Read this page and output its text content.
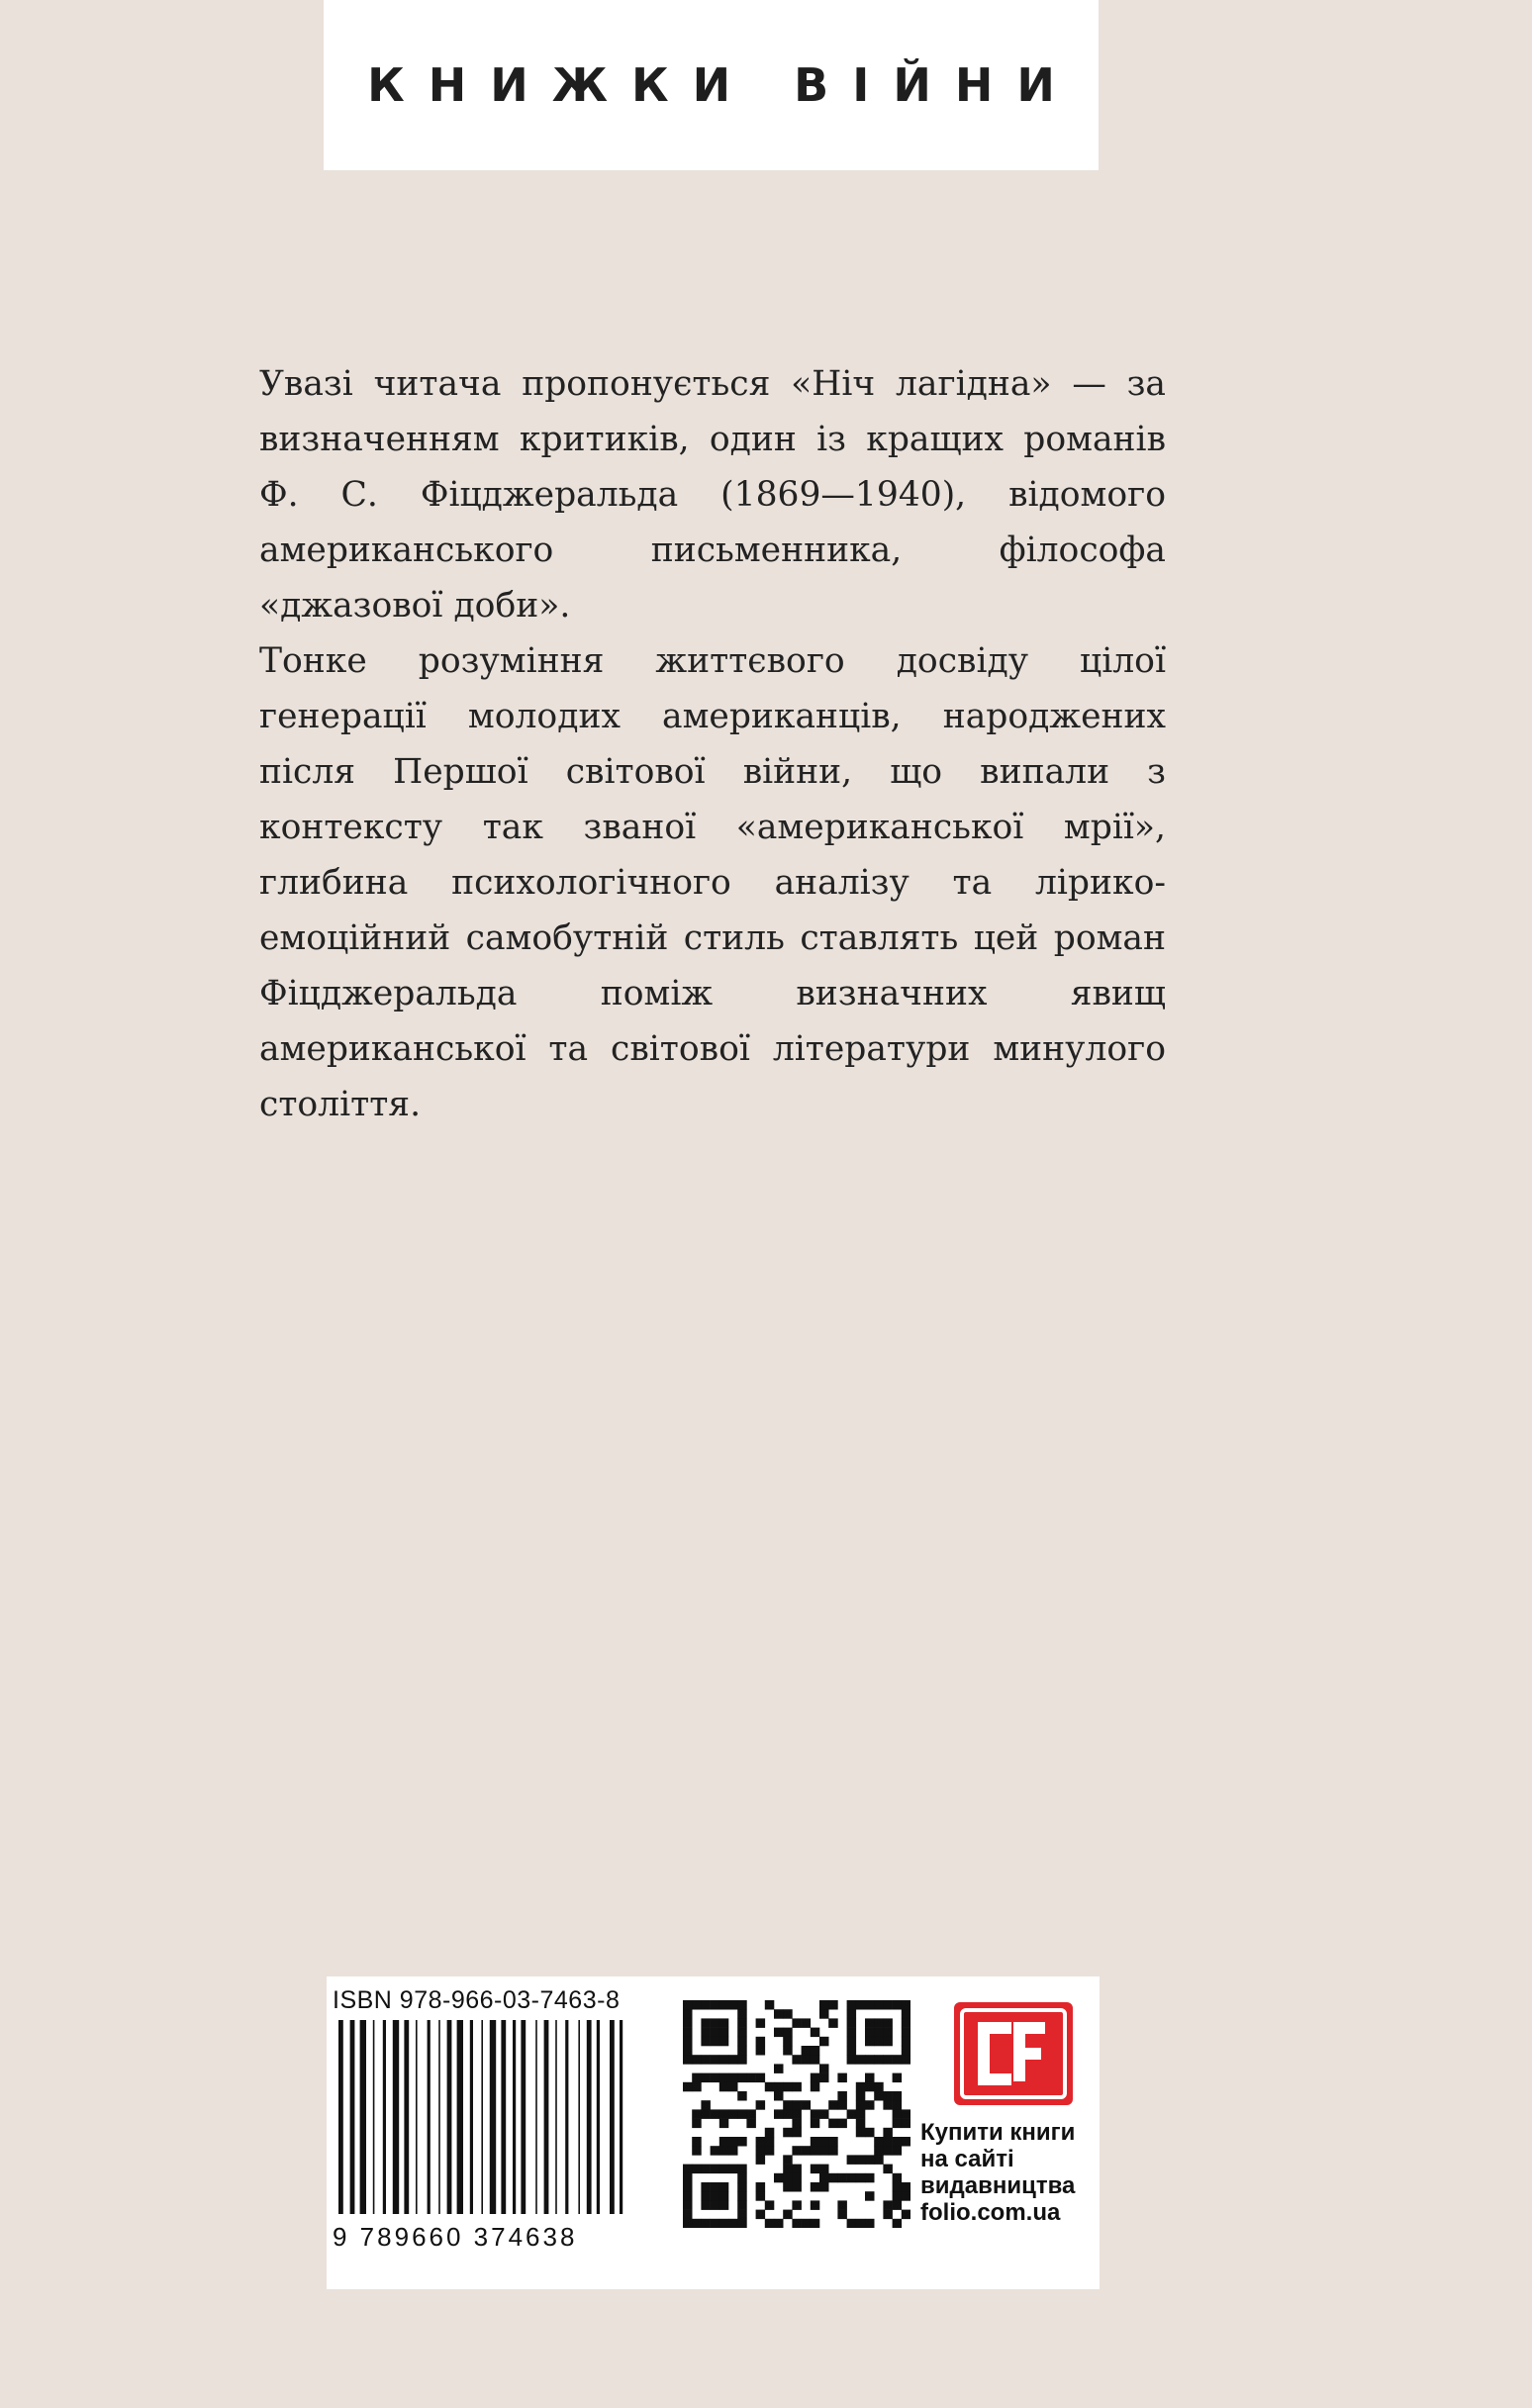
КНИЖКИ ВІЙНИ

Увазі читача пропонується «Ніч лагідна» — за визначенням критиків, один із кращих романів Ф. С. Фіцджеральда (1869—1940), відомого американського письменника, філософа «джазової доби».

Тонке розуміння життєвого досвіду цілої генерації молодих американців, народжених після Першої світової війни, що випали з контексту так званої «американської мрії», глибина психологічного аналізу та лірико-емоційний самобутній стиль ставлять цей роман Фіцджеральда поміж визначних явищ американської та світової літератури минулого століття.

ISBN 978-966-03-7463-8
9 789660 374638
Купити книги
на сайті
видавництва
folio.com.ua
